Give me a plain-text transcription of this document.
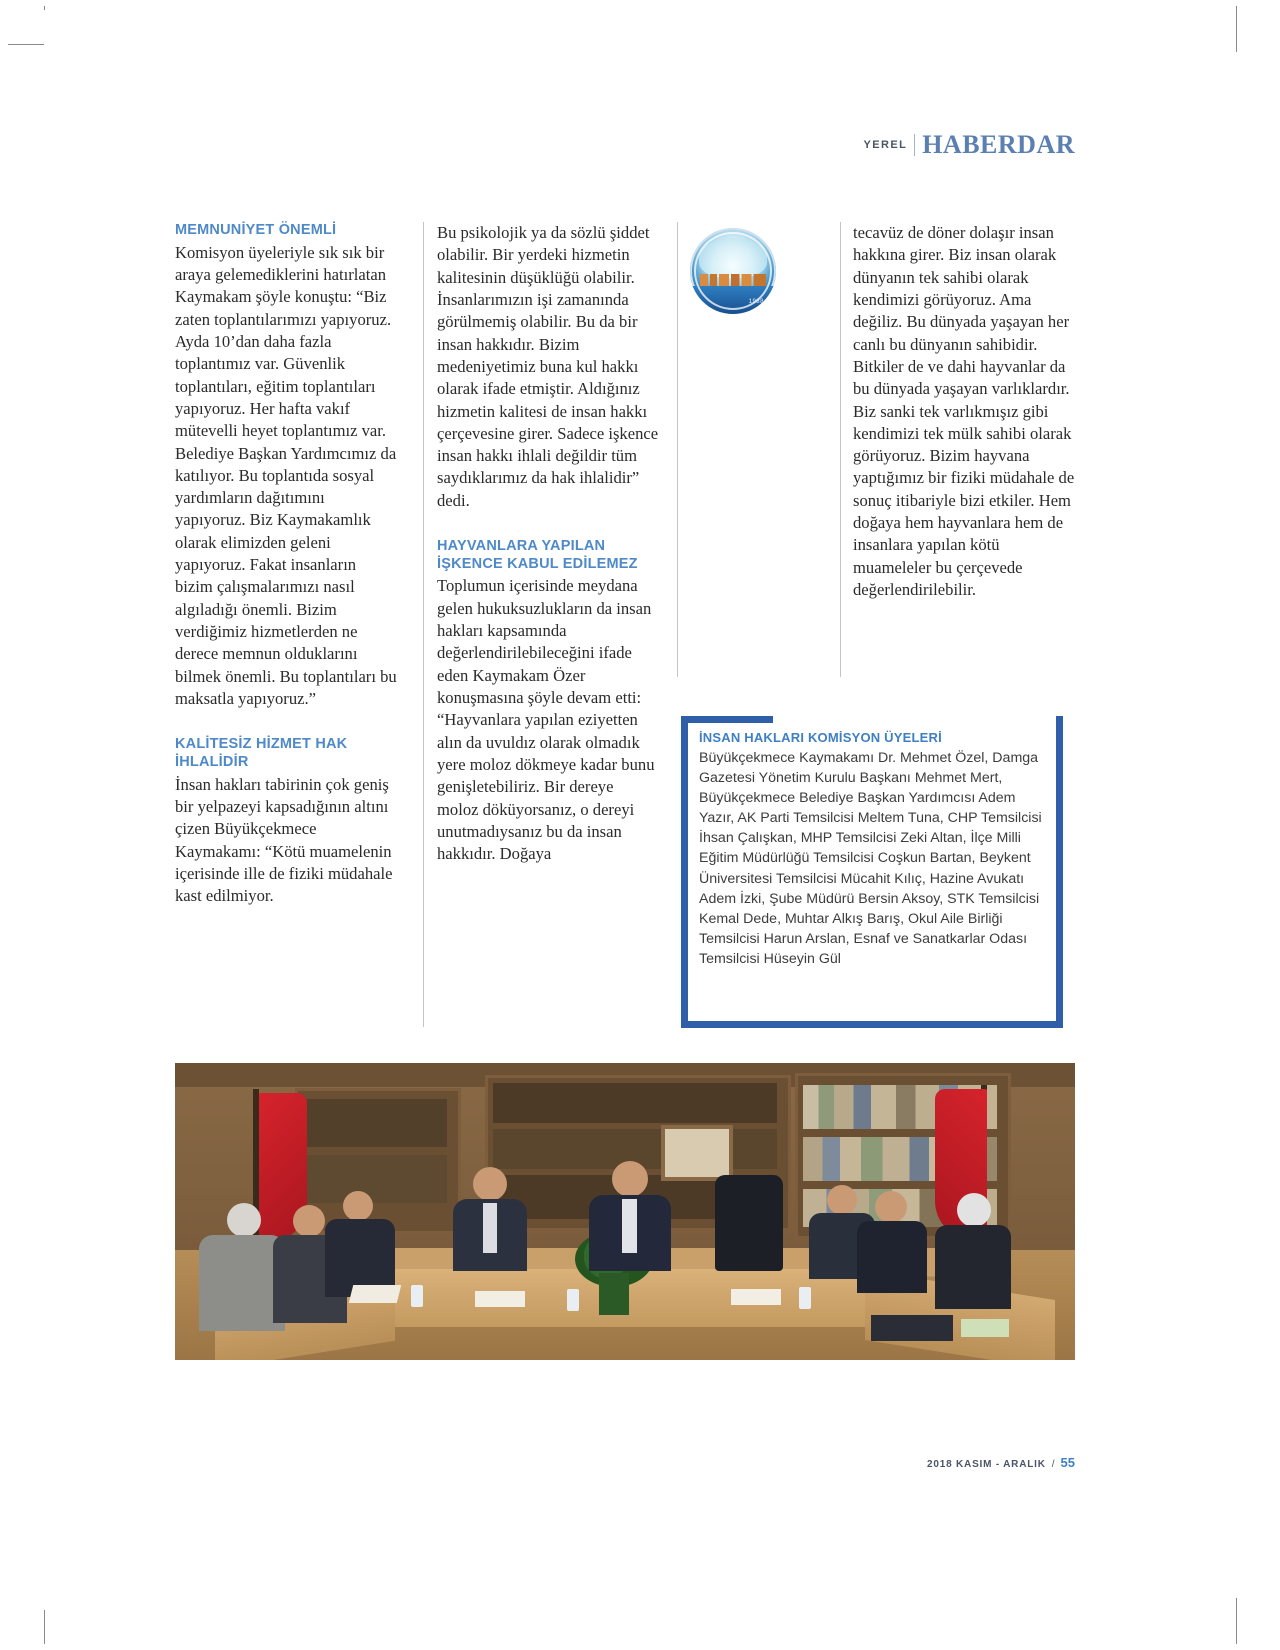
YEREL HABERDAR
MEMNUNİYET ÖNEMLİ

Komisyon üyeleriyle sık sık bir araya gelemediklerini hatırlatan Kaymakam şöyle konuştu: “Biz zaten toplantılarımızı yapıyoruz. Ayda 10’dan daha fazla toplantımız var. Güvenlik toplantıları, eğitim toplantıları yapıyoruz. Her hafta vakıf mütevelli heyet toplantımız var. Belediye Başkan Yardımcımız da katılıyor. Bu toplantıda sosyal yardımların dağıtımını yapıyoruz. Biz Kaymakamlık olarak elimizden geleni yapıyoruz. Fakat insanların bizim çalışmalarımızı nasıl algıladığı önemli. Bizim verdiğimiz hizmetlerden ne derece memnun olduklarını bilmek önemli. Bu toplantıları bu maksatla yapıyoruz.”

KALİTESİZ HİZMET HAK İHLALİDİR

İnsan hakları tabirinin çok geniş bir yelpazeyi kapsadığının altını çizen Büyükçekmece Kaymakamı: “Kötü muamelenin içerisinde ille de fiziki müdahale kast edilmiyor.

Bu psikolojik ya da sözlü şiddet olabilir. Bir yerdeki hizmetin kalitesinin düşüklüğü olabilir. İnsanlarımızın işi zamanında görülmemiş olabilir. Bu da bir insan hakkıdır. Bizim medeniyetimiz buna kul hakkı olarak ifade etmiştir. Aldığınız hizmetin kalitesi de insan hakkı çerçevesine girer. Sadece işkence insan hakkı ihlali değildir tüm saydıklarımız da hak ihlalidir” dedi.

HAYVANLARA YAPILAN İŞKENCE KABUL EDİLEMEZ

Toplumun içerisinde meydana gelen hukuksuzlukların da insan hakları kapsamında değerlendirilebileceğini ifade eden Kaymakam Özer konuşmasına şöyle devam etti: “Hayvanlara yapılan eziyetten alın da uvuldız olarak olmadık yere moloz dökmeye kadar bunu genişletebiliriz. Bir dereye moloz döküyorsanız, o dereyi unutmadıysanız bu da insan hakkıdır. Doğaya

tecavüz de döner dolaşır insan hakkına girer. Biz insan olarak dünyanın tek sahibi olarak kendimizi görüyoruz. Ama değiliz. Bu dünyada yaşayan her canlı bu dünyanın sahibidir. Bitkiler de ve dahi hayvanlar da bu dünyada yaşayan varlıklardır. Biz sanki tek varlıkmışız gibi kendimizi tek mülk sahibi olarak görüyoruz. Bizim hayvana yaptığımız bir fiziki müdahale de sonuç itibariyle bizi etkiler. Hem doğaya hem hayvanlara hem de insanlara yapılan kötü muameleler bu çerçevede değerlendirilebilir.

1988
İNSAN HAKLARI KOMİSYON ÜYELERİ

Büyükçekmece Kaymakamı Dr. Mehmet Özel, Damga Gazetesi Yönetim Kurulu Başkanı Mehmet Mert, Büyükçekmece Belediye Başkan Yardımcısı Adem Yazır, AK Parti Temsilcisi Meltem Tuna, CHP Temsilcisi İhsan Çalışkan, MHP Temsilcisi Zeki Altan, İlçe Milli Eğitim Müdürlüğü Temsilcisi Coşkun Bartan, Beykent Üniversitesi Temsilcisi Mücahit Kılıç, Hazine Avukatı Adem İzki, Şube Müdürü Bersin Aksoy, STK Temsilcisi Kemal Dede, Muhtar Alkış Barış, Okul Aile Birliği Temsilcisi Harun Arslan, Esnaf ve Sanatkarlar Odası Temsilcisi Hüseyin Gül

2018 KASIM - ARALIK / 55
